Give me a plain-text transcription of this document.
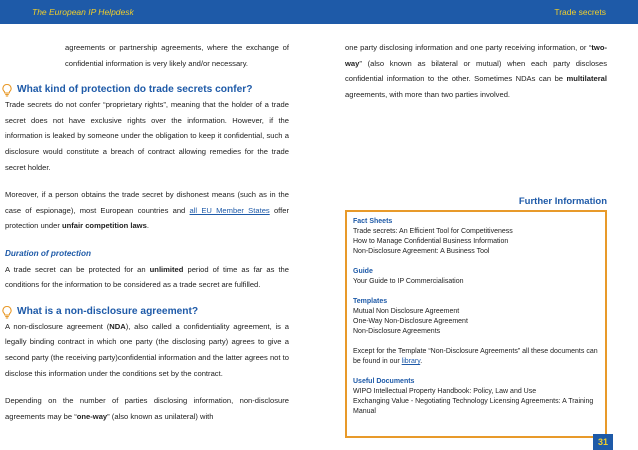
The European IP Helpdesk	Trade secrets

agreements or partnership agreements, where the exchange of confidential information is very likely and/or necessary.

What kind of protection do trade secrets confer?

Trade secrets do not confer “proprietary rights”, meaning that the holder of a trade secret does not have exclusive rights over the information. However, if the information is leaked by someone under the obligation to keep it confidential, such a disclosure would constitute a breach of contract allowing remedies for the trade secret holder.

Moreover, if a person obtains the trade secret by dishonest means (such as in the case of espionage), most European countries and all EU Member States offer protection under unfair competition laws.

Duration of protection

A trade secret can be protected for an unlimited period of time as far as the conditions for the information to be considered as a trade secret are fulfilled.

What is a non-disclosure agreement?

A non-disclosure agreement (NDA), also called a confidentiality agreement, is a legally binding contract in which one party (the disclosing party) agrees to give a second party (the receiving party)confidential information and the latter agrees not to disclose this information under the conditions set by the contract.

Depending on the number of parties disclosing information, non-disclosure agreements may be “one-way” (also known as unilateral) with

one party disclosing information and one party receiving information, or “two-way” (also known as bilateral or mutual) when each party discloses confidential information to the other. Sometimes NDAs can be multilateral agreements, with more than two parties involved.

Further Information
Fact Sheets
Trade secrets: An Efficient Tool for Competitiveness
How to Manage Confidential Business Information
Non-Disclosure Agreement: A Business Tool
Guide
Your Guide to IP Commercialisation
Templates
Mutual Non Disclosure Agreement
One-Way Non-Disclosure Agreement
Non-Disclosure Agreements
Except for the Template “Non-Disclosure Agreements” all these documents can be found in our library.
Useful Documents
WIPO Intellectual Property Handbook: Policy, Law and Use
Exchanging Value - Negotiating Technology Licensing Agreements: A Training Manual
31
